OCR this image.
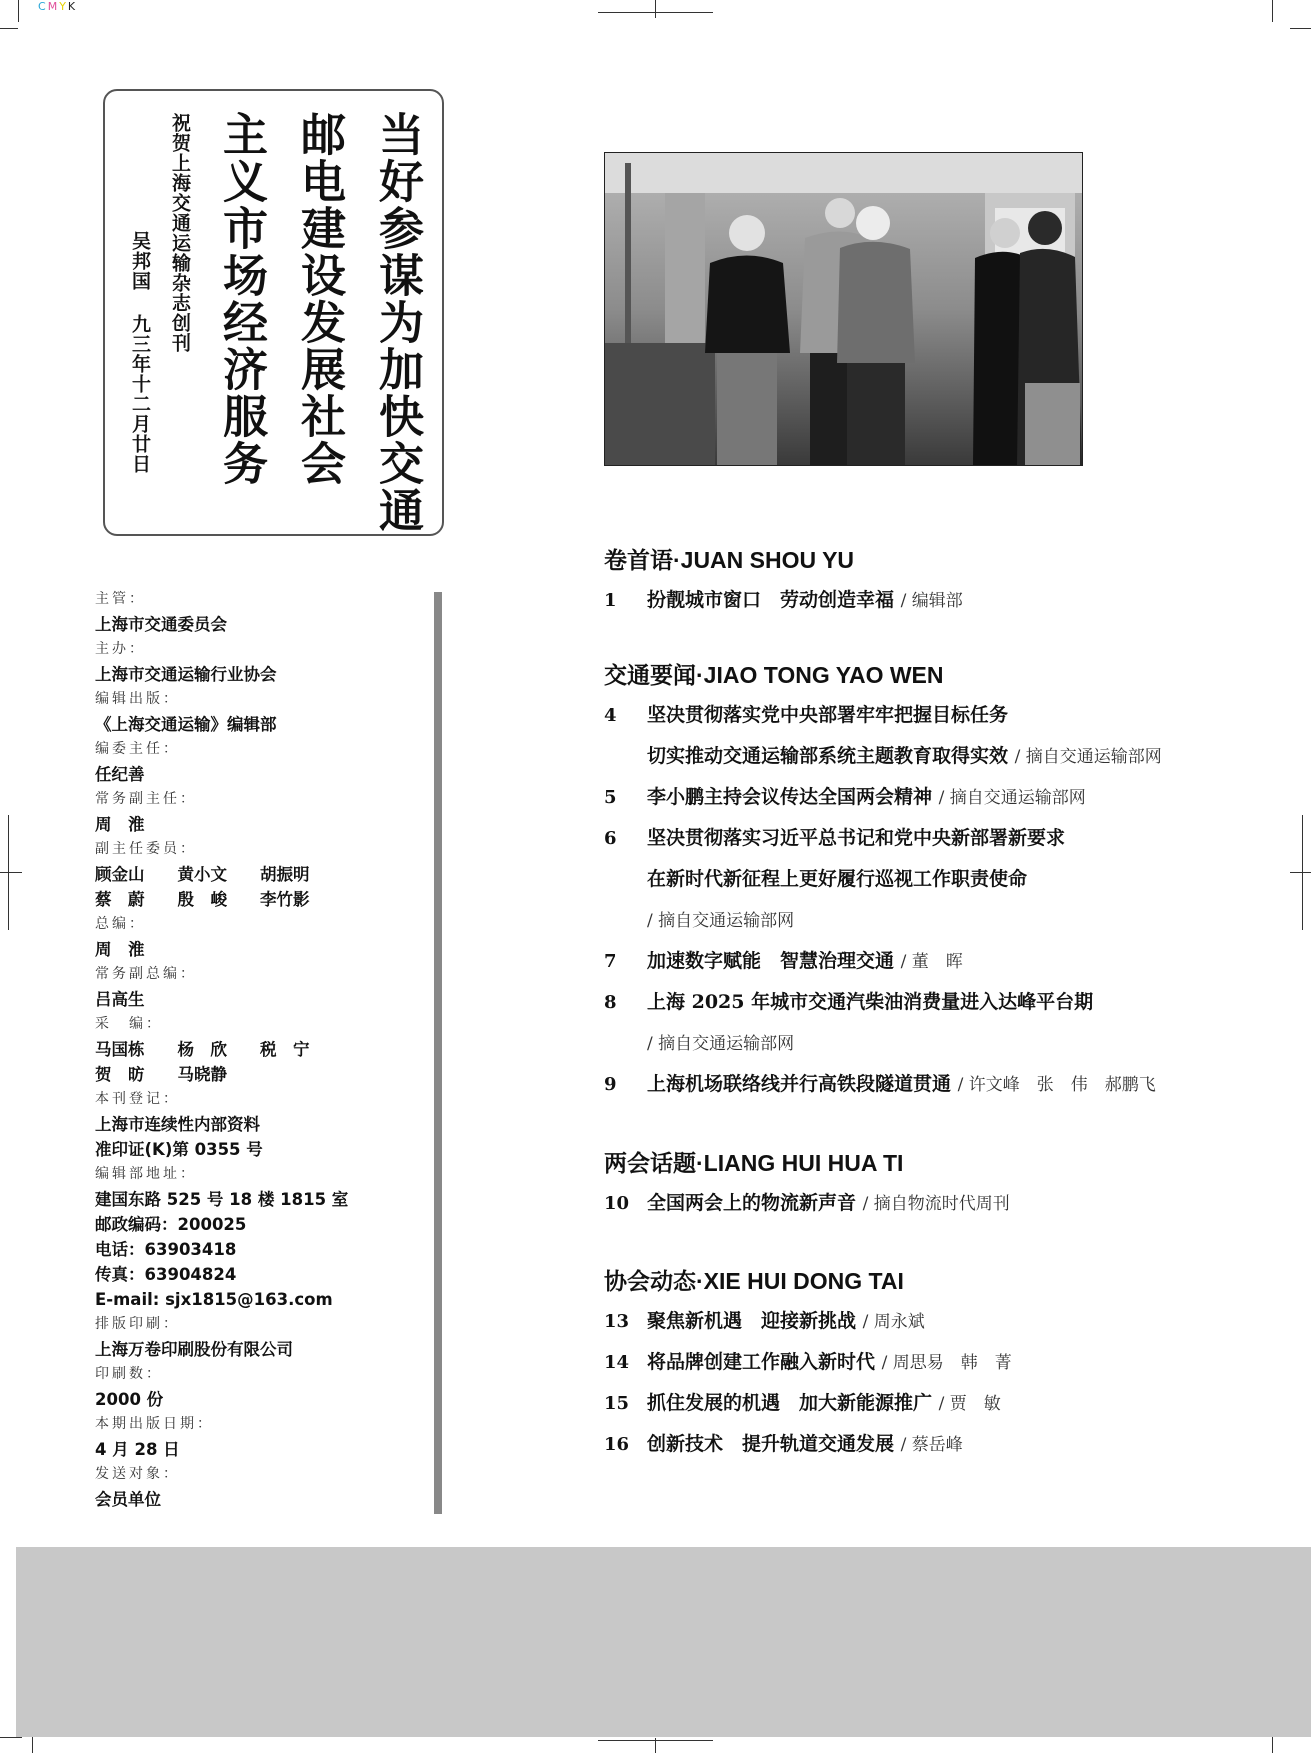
CMYK
当好参谋为加快交通
邮电建设发展社会
主义市场经济服务
祝贺上海交通运输杂志创刊
吴邦国 九三年十二月廿日
主管：
上海市交通委员会
主办：
上海市交通运输行业协会
编辑出版：
《上海交通运输》编辑部
编委主任：
任纪善
常务副主任：
周　淮
副主任委员：
顾金山　　黄小文　　胡振明
蔡　蔚　　殷　峻　　李竹影
总编：
周　淮
常务副总编：
吕高生
采　编：
马国栋　　杨　欣　　税　宁
贺　昉　　马晓静
本刊登记：
上海市连续性内部资料
准印证(K)第 0355 号
编辑部地址：
建国东路 525 号 18 楼 1815 室
邮政编码：200025
电话：63903418
传真：63904824
E-mail: sjx1815@163.com
排版印刷：
上海万卷印刷股份有限公司
印刷数：
2000 份
本期出版日期：
4 月 28 日
发送对象：
会员单位
卷首语·JUAN SHOU YU
1	扮靓城市窗口　劳动创造幸福 / 编辑部
交通要闻·JIAO TONG YAO WEN
4	坚决贯彻落实党中央部署牢牢把握目标任务
切实推动交通运输部系统主题教育取得实效 / 摘自交通运输部网
5	李小鹏主持会议传达全国两会精神 / 摘自交通运输部网
6	坚决贯彻落实习近平总书记和党中央新部署新要求
在新时代新征程上更好履行巡视工作职责使命
/ 摘自交通运输部网
7	加速数字赋能　智慧治理交通 / 董　晖
8	上海 2025 年城市交通汽柴油消费量进入达峰平台期
/ 摘自交通运输部网
9	上海机场联络线并行高铁段隧道贯通 / 许文峰　张　伟　郝鹏飞
两会话题·LIANG HUI HUA TI
10 全国两会上的物流新声音 / 摘自物流时代周刊
协会动态·XIE HUI DONG TAI
13 聚焦新机遇　迎接新挑战 / 周永斌
14 将品牌创建工作融入新时代 / 周思易　韩　菁
15 抓住发展的机遇　加大新能源推广 / 贾　敏
16 创新技术　提升轨道交通发展 / 蔡岳峰
